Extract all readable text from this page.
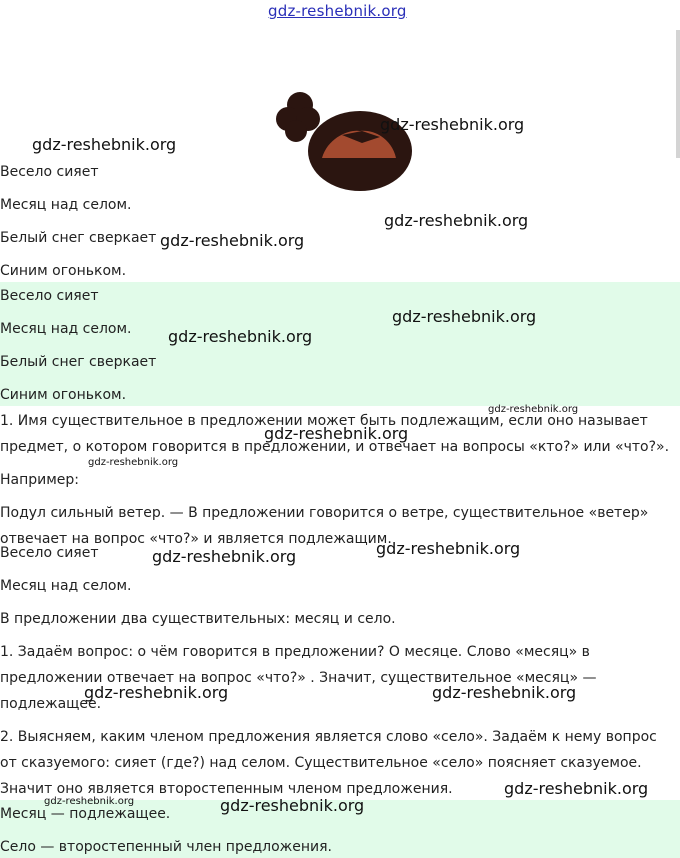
gdz-reshebnik.org
gdz-reshebnik.org
gdz-reshebnik.org
Весело сияет
Месяц над селом.
Белый снег сверкает
Синим огоньком.
gdz-reshebnik.org
gdz-reshebnik.org
Весело сияет
Месяц над селом.
Белый снег сверкает
Синим огоньком.
gdz-reshebnik.org
gdz-reshebnik.org
1. Имя существительное в предложении может быть подлежащим, если оно называет
предмет, о котором говорится в предложении, и отвечает на вопросы «кто?» или «что?».
Например:
Подул сильный ветер. — В предложении говорится о ветре, существительное «ветер»
отвечает на вопрос «что?» и является подлежащим.
gdz-reshebnik.org
gdz-reshebnik.org
gdz-reshebnik.org
Весело сияет
Месяц над селом.
В предложении два существительных: месяц и село.
gdz-reshebnik.org	gdz-reshebnik.org
1. Задаём вопрос: о чём говорится в предложении? О месяце. Слово «месяц» в
предложении отвечает на вопрос «что?» . Значит, существительное «месяц» —
подлежащее.
gdz-reshebnik.org	gdz-reshebnik.org
2. Выясняем, каким членом предложения является слово «село». Задаём к нему вопрос
от сказуемого: сияет (где?) над селом. Существительное «село» поясняет сказуемое.
Значит оно является второстепенным членом предложения.	gdz-reshebnik.org
Месяц — подлежащее.
Село — второстепенный член предложения.
gdz-reshebnik.org	gdz-reshebnik.org
